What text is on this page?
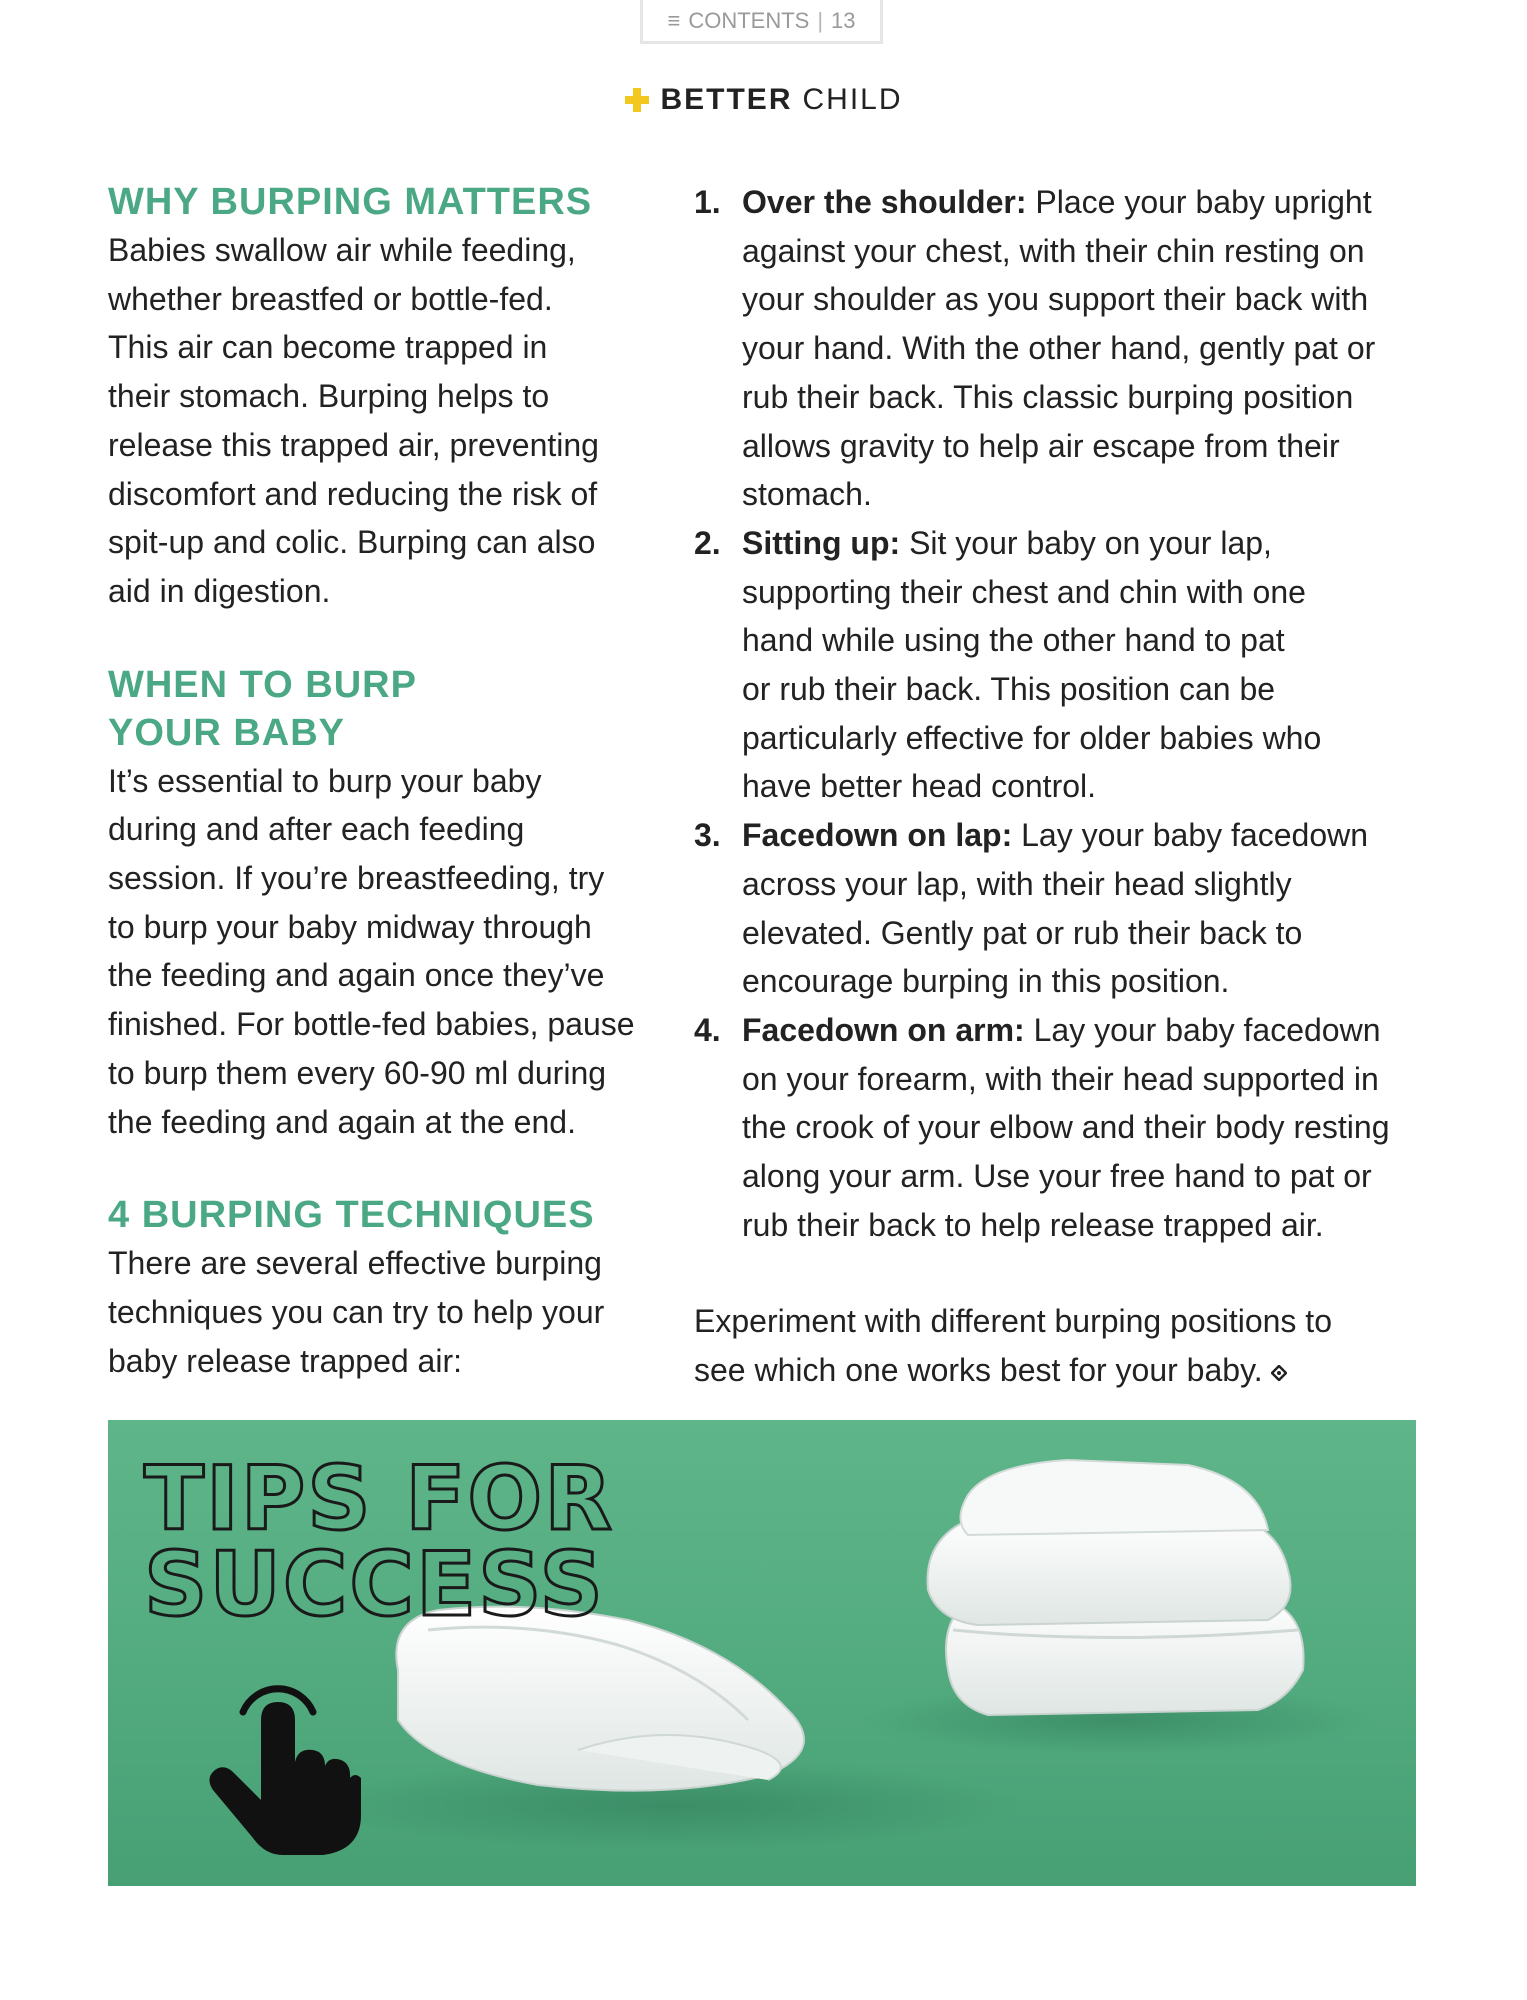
≡ CONTENTS | 13
BETTER CHILD
WHY BURPING MATTERS

Babies swallow air while feeding,

whether breastfed or bottle-fed.

This air can become trapped in

their stomach. Burping helps to

release this trapped air, preventing

discomfort and reducing the risk of

spit-up and colic. Burping can also

aid in digestion.

WHEN TO BURP
YOUR BABY

It’s essential to burp your baby

during and after each feeding

session. If you’re breastfeeding, try

to burp your baby midway through

the feeding and again once they’ve

finished. For bottle-fed babies, pause

to burp them every 60-90 ml during

the feeding and again at the end.

4 BURPING TECHNIQUES

There are several effective burping

techniques you can try to help your

baby release trapped air:

1. Over the shoulder: Place your baby upright
against your chest, with their chin resting on
your shoulder as you support their back with
your hand. With the other hand, gently pat or
rub their back. This classic burping position
allows gravity to help air escape from their
stomach.
2. Sitting up: Sit your baby on your lap,
supporting their chest and chin with one
hand while using the other hand to pat
or rub their back. This position can be
particularly effective for older babies who
have better head control.
3. Facedown on lap: Lay your baby facedown
across your lap, with their head slightly
elevated. Gently pat or rub their back to
encourage burping in this position.
4. Facedown on arm: Lay your baby facedown
on your forearm, with their head supported in
the crook of your elbow and their body resting
along your arm. Use your free hand to pat or
rub their back to help release trapped air.

Experiment with different burping positions to

see which one works best for your baby.

TIPS FOR
SUCCESS
